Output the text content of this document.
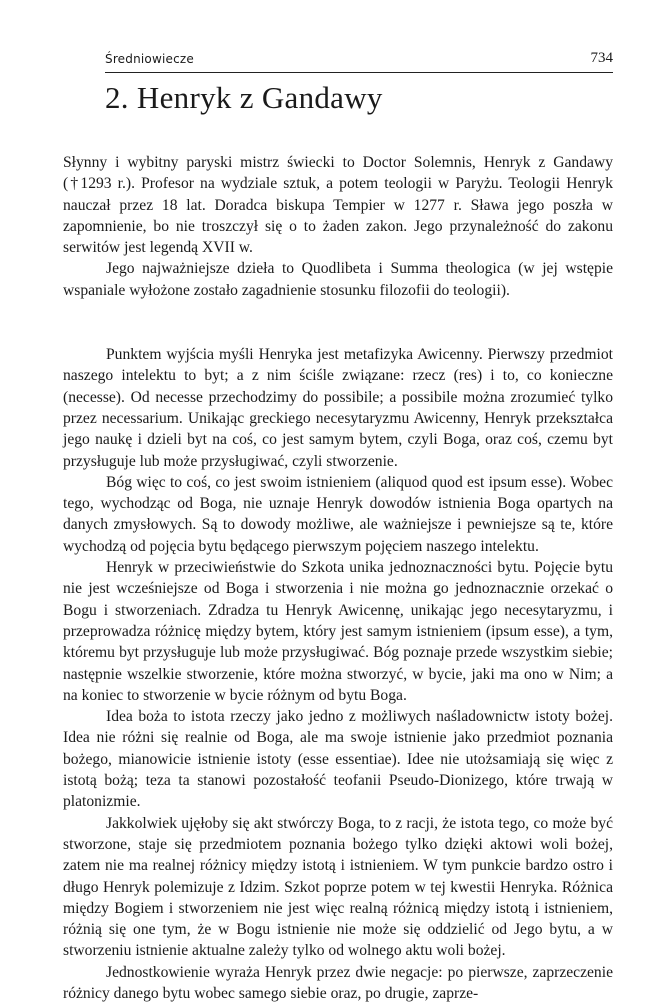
Średniowiecze	734
2. Henryk z Gandawy

Słynny i wybitny paryski mistrz świecki to Doctor Solemnis, Henryk z Gandawy (†1293 r.). Profesor na wydziale sztuk, a potem teologii w Paryżu. Teologii Henryk nauczał przez 18 lat. Doradca biskupa Tempier w 1277 r. Sława jego poszła w zapomnienie, bo nie troszczył się o to żaden zakon. Jego przynależność do zakonu serwitów jest legendą XVII w.

Jego najważniejsze dzieła to Quodlibeta i Summa theologica (w jej wstępie wspaniale wyłożone zostało zagadnienie stosunku filozofii do teologii).

Punktem wyjścia myśli Henryka jest metafizyka Awicenny. Pierwszy przedmiot naszego intelektu to byt; a z nim ściśle związane: rzecz (res) i to, co konieczne (necesse). Od necesse przechodzimy do possibile; a possibile można zrozumieć tylko przez necessarium. Unikając greckiego necesytaryzmu Awicenny, Henryk przekształca jego naukę i dzieli byt na coś, co jest samym bytem, czyli Boga, oraz coś, czemu byt przysługuje lub może przysługiwać, czyli stworzenie.

Bóg więc to coś, co jest swoim istnieniem (aliquod quod est ipsum esse). Wobec tego, wychodząc od Boga, nie uznaje Henryk dowodów istnienia Boga opartych na danych zmysłowych. Są to dowody możliwe, ale ważniejsze i pewniejsze są te, które wychodzą od pojęcia bytu będącego pierwszym pojęciem naszego intelektu.

Henryk w przeciwieństwie do Szkota unika jednoznaczności bytu. Pojęcie bytu nie jest wcześniejsze od Boga i stworzenia i nie można go jednoznacznie orzekać o Bogu i stworzeniach. Zdradza tu Henryk Awicennę, unikając jego necesytaryzmu, i przeprowadza różnicę między bytem, który jest samym istnieniem (ipsum esse), a tym, któremu byt przysługuje lub może przysługiwać. Bóg poznaje przede wszystkim siebie; następnie wszelkie stworzenie, które można stworzyć, w bycie, jaki ma ono w Nim; a na koniec to stworzenie w bycie różnym od bytu Boga.

Idea boża to istota rzeczy jako jedno z możliwych naśladownictw istoty bożej. Idea nie różni się realnie od Boga, ale ma swoje istnienie jako przedmiot poznania bożego, mianowicie istnienie istoty (esse essentiae). Idee nie utożsamiają się więc z istotą bożą; teza ta stanowi pozostałość teofanii Pseudo-Dionizego, które trwają w platonizmie.

Jakkolwiek ujęłoby się akt stwórczy Boga, to z racji, że istota tego, co może być stworzone, staje się przedmiotem poznania bożego tylko dzięki aktowi woli bożej, zatem nie ma realnej różnicy między istotą i istnieniem. W tym punkcie bardzo ostro i długo Henryk polemizuje z Idzim. Szkot poprze potem w tej kwestii Henryka. Różnica między Bogiem i stworzeniem nie jest więc realną różnicą między istotą i istnieniem, różnią się one tym, że w Bogu istnienie nie może się oddzielić od Jego bytu, a w stworzeniu istnienie aktualne zależy tylko od wolnego aktu woli bożej.

Jednostkowienie wyraża Henryk przez dwie negacje: po pierwsze, zaprzeczenie różnicy danego bytu wobec samego siebie oraz, po drugie, zaprze-
